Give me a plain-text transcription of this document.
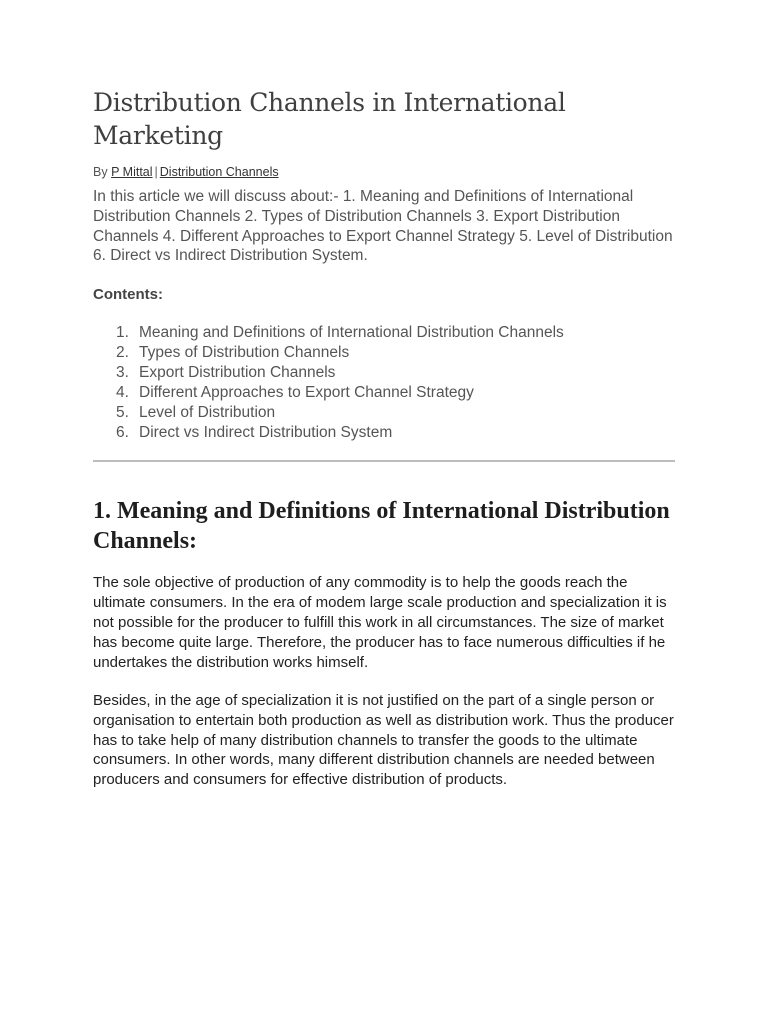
Distribution Channels in International Marketing
By P Mittal | Distribution Channels

In this article we will discuss about:- 1. Meaning and Definitions of International Distribution Channels 2. Types of Distribution Channels 3. Export Distribution Channels 4. Different Approaches to Export Channel Strategy 5. Level of Distribution 6. Direct vs Indirect Distribution System.

Contents:
1. Meaning and Definitions of International Distribution Channels
2. Types of Distribution Channels
3. Export Distribution Channels
4. Different Approaches to Export Channel Strategy
5. Level of Distribution
6. Direct vs Indirect Distribution System
1. Meaning and Definitions of International Distribution Channels:

The sole objective of production of any commodity is to help the goods reach the ultimate consumers. In the era of modem large scale production and specialization it is not possible for the producer to fulfill this work in all circumstances. The size of market has become quite large. Therefore, the producer has to face numerous difficulties if he undertakes the distribution works himself.

Besides, in the age of specialization it is not justified on the part of a single person or organisation to entertain both production as well as distribution work. Thus the producer has to take help of many distribution channels to transfer the goods to the ultimate consumers. In other words, many different distribution channels are needed between producers and consumers for effective distribution of products.
